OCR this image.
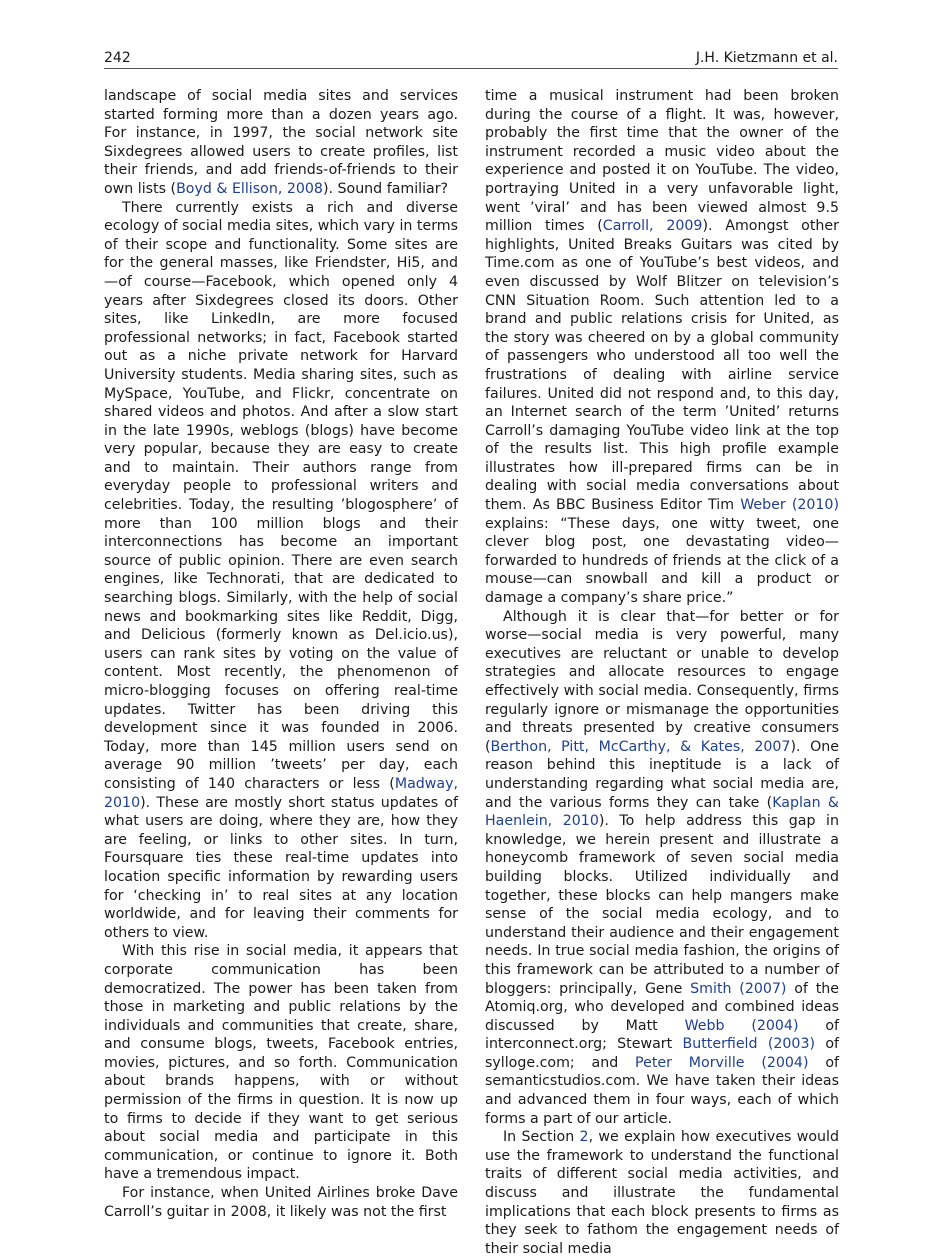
242	J.H. Kietzmann et al.

landscape of social media sites and services started forming more than a dozen years ago. For instance, in 1997, the social network site Sixdegrees allowed users to create profiles, list their friends, and add friends-of-friends to their own lists (Boyd & Ellison, 2008). Sound familiar?

There currently exists a rich and diverse ecology of social media sites, which vary in terms of their scope and functionality. Some sites are for the general masses, like Friendster, Hi5, and—of course—Facebook, which opened only 4 years after Sixdegrees closed its doors. Other sites, like LinkedIn, are more focused professional networks; in fact, Facebook started out as a niche private network for Harvard University students. Media sharing sites, such as MySpace, YouTube, and Flickr, concentrate on shared videos and photos. And after a slow start in the late 1990s, weblogs (blogs) have become very popular, because they are easy to create and to maintain. Their authors range from everyday people to professional writers and celebrities. Today, the resulting ’blogosphere’ of more than 100 million blogs and their interconnections has become an important source of public opinion. There are even search engines, like Technorati, that are dedicated to searching blogs. Similarly, with the help of social news and bookmarking sites like Reddit, Digg, and Delicious (formerly known as Del.icio.us), users can rank sites by voting on the value of content. Most recently, the phenomenon of micro-blogging focuses on offering real-time updates. Twitter has been driving this development since it was founded in 2006. Today, more than 145 million users send on average 90 million ’tweets’ per day, each consisting of 140 characters or less (Madway, 2010). These are mostly short status updates of what users are doing, where they are, how they are feeling, or links to other sites. In turn, Foursquare ties these real-time updates into location specific information by rewarding users for ‘checking in’ to real sites at any location worldwide, and for leaving their comments for others to view.

With this rise in social media, it appears that corporate communication has been democratized. The power has been taken from those in marketing and public relations by the individuals and communities that create, share, and consume blogs, tweets, Facebook entries, movies, pictures, and so forth. Communication about brands happens, with or without permission of the firms in question. It is now up to firms to decide if they want to get serious about social media and participate in this communication, or continue to ignore it. Both have a tremendous impact.

For instance, when United Airlines broke Dave Carroll’s guitar in 2008, it likely was not the first

time a musical instrument had been broken during the course of a flight. It was, however, probably the first time that the owner of the instrument recorded a music video about the experience and posted it on YouTube. The video, portraying United in a very unfavorable light, went ’viral’ and has been viewed almost 9.5 million times (Carroll, 2009). Amongst other highlights, United Breaks Guitars was cited by Time.com as one of YouTube’s best videos, and even discussed by Wolf Blitzer on television’s CNN Situation Room. Such attention led to a brand and public relations crisis for United, as the story was cheered on by a global community of passengers who understood all too well the frustrations of dealing with airline service failures. United did not respond and, to this day, an Internet search of the term ’United’ returns Carroll’s damaging YouTube video link at the top of the results list. This high profile example illustrates how ill-prepared firms can be in dealing with social media conversations about them. As BBC Business Editor Tim Weber (2010) explains: “These days, one witty tweet, one clever blog post, one devastating video—forwarded to hundreds of friends at the click of a mouse—can snowball and kill a product or damage a company’s share price.”

Although it is clear that—for better or for worse—social media is very powerful, many executives are reluctant or unable to develop strategies and allocate resources to engage effectively with social media. Consequently, firms regularly ignore or mismanage the opportunities and threats presented by creative consumers (Berthon, Pitt, McCarthy, & Kates, 2007). One reason behind this ineptitude is a lack of understanding regarding what social media are, and the various forms they can take (Kaplan & Haenlein, 2010). To help address this gap in knowledge, we herein present and illustrate a honeycomb framework of seven social media building blocks. Utilized individually and together, these blocks can help mangers make sense of the social media ecology, and to understand their audience and their engagement needs. In true social media fashion, the origins of this framework can be attributed to a number of bloggers: principally, Gene Smith (2007) of the Atomiq.org, who developed and combined ideas discussed by Matt Webb (2004) of interconnect.org; Stewart Butterfield (2003) of sylloge.com; and Peter Morville (2004) of semanticstudios.com. We have taken their ideas and advanced them in four ways, each of which forms a part of our article.

In Section 2, we explain how executives would use the framework to understand the functional traits of different social media activities, and discuss and illustrate the fundamental implications that each block presents to firms as they seek to fathom the engagement needs of their social media
